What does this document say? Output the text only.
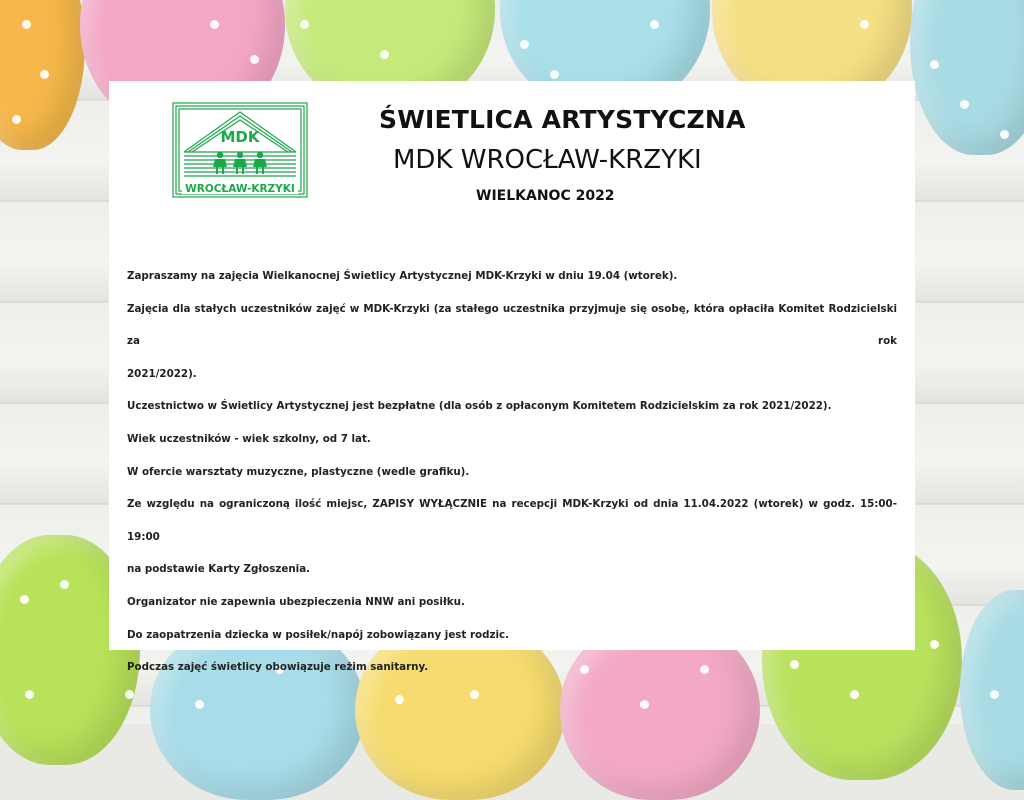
MDK
WROCŁAW-KRZYKI
ŚWIETLICA ARTYSTYCZNA
MDK WROCŁAW-KRZYKI
WIELKANOC 2022

Zapraszamy na zajęcia Wielkanocnej Świetlicy Artystycznej MDK-Krzyki w dniu 19.04 (wtorek).

Zajęcia dla stałych uczestników zajęć w MDK-Krzyki (za stałego uczestnika przyjmuje się osobę, która opłaciła Komitet Rodzicielski za rok

2021/2022).

Uczestnictwo w Świetlicy Artystycznej jest bezpłatne (dla osób z opłaconym Komitetem Rodzicielskim za rok 2021/2022).

Wiek uczestników - wiek szkolny, od 7 lat.

W ofercie warsztaty muzyczne, plastyczne (wedle grafiku).

Ze względu na ograniczoną ilość miejsc, ZAPISY WYŁĄCZNIE na recepcji MDK-Krzyki od dnia 11.04.2022 (wtorek) w godz. 15:00-19:00

na podstawie Karty Zgłoszenia.

Organizator nie zapewnia ubezpieczenia NNW ani posiłku.

Do zaopatrzenia dziecka w posiłek/napój zobowiązany jest rodzic.

Podczas zajęć świetlicy obowiązuje reżim sanitarny.
